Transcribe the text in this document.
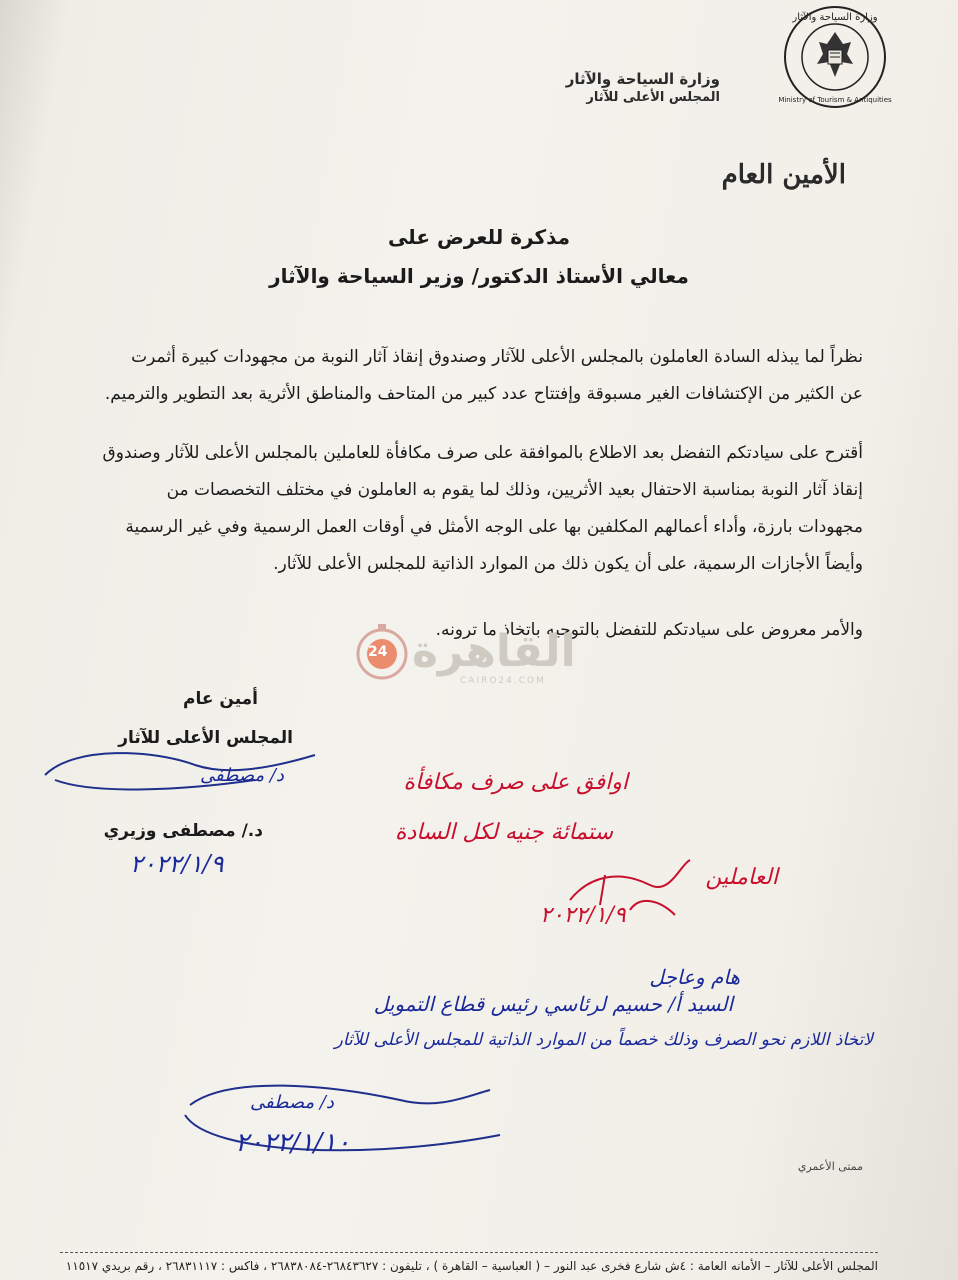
وزارة السياحة والآثار
Ministry of Tourism & Antiquities
وزارة السياحة والآثار
المجلس الأعلى للآثار
الأمين العام
مذكرة للعرض على
معالي الأستاذ الدكتور/ وزير السياحة والآثار
نظراً لما يبذله السادة العاملون بالمجلس الأعلى للآثار وصندوق إنقاذ آثار النوبة من مجهودات كبيرة أثمرت
عن الكثير من الإكتشافات الغير مسبوقة وإفتتاح عدد كبير من المتاحف والمناطق الأثرية بعد التطوير والترميم.
أقترح على سيادتكم التفضل بعد الاطلاع بالموافقة على صرف مكافأة للعاملين بالمجلس الأعلى للآثار وصندوق
إنقاذ آثار النوبة بمناسبة الاحتفال بعيد الأثريين، وذلك لما يقوم به العاملون في مختلف التخصصات من
مجهودات بارزة، وأداء أعمالهم المكلفين بها على الوجه الأمثل في أوقات العمل الرسمية وفي غير الرسمية
وأيضاً الأجازات الرسمية، على أن يكون ذلك من الموارد الذاتية للمجلس الأعلى للآثار.
والأمر معروض على سيادتكم للتفضل بالتوجيه باتخاذ ما ترونه.
24 القاهرة
CAIRO24.COM
أمين عام
المجلس الأعلى للآثار
د/ مصطفى
د./ مصطفى وزيري
٢٠٢٢/١/٩
اوافق على صرف مكافأة
ستمائة جنيه لكل السادة
العاملين
٢٠٢٢/١/٩
هام وعاجل
السيد أ/ حسيم لرئاسي رئيس قطاع التمويل
لاتخاذ اللازم نحو الصرف وذلك خصماً من الموارد الذاتية للمجلس الأعلى للآثار
د/ مصطفى
٢٠٢٢/١/١٠
ممتى الأعمري
المجلس الأعلى للآثار – الأمانه العامة : ٤ش شارع فخرى عبد النور – ( العباسية – القاهرة ) ، تليفون : ٢٦٨٤٣٦٢٧-٢٦٨٣٨٠٨٤ ، فاكس : ٢٦٨٣١١١٧ ، رقم بريدي ١١٥١٧
